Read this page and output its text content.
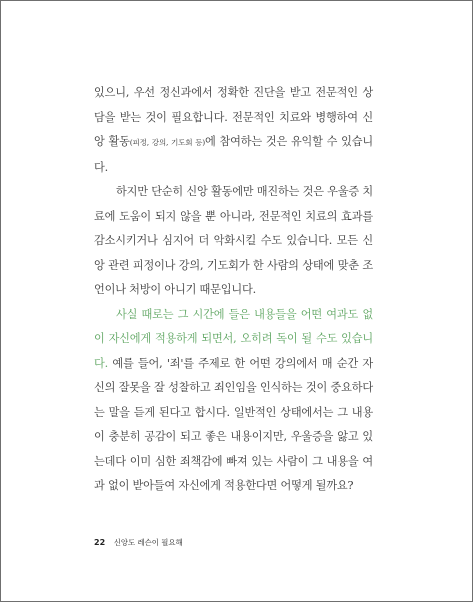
있으니, 우선 정신과에서 정확한 진단을 받고 전문적인 상담을 받는 것이 필요합니다. 전문적인 치료와 병행하여 신앙 활동(피정, 강의, 기도회 등)에 참여하는 것은 유익할 수 있습니다.

하지만 단순히 신앙 활동에만 매진하는 것은 우울증 치료에 도움이 되지 않을 뿐 아니라, 전문적인 치료의 효과를 감소시키거나 심지어 더 악화시킬 수도 있습니다. 모든 신앙 관련 피정이나 강의, 기도회가 한 사람의 상태에 맞춘 조언이나 처방이 아니기 때문입니다.

사실 때로는 그 시간에 들은 내용들을 어떤 여과도 없이 자신에게 적용하게 되면서, 오히려 독이 될 수도 있습니다. 예를 들어, '죄'를 주제로 한 어떤 강의에서 매 순간 자신의 잘못을 잘 성찰하고 죄인임을 인식하는 것이 중요하다는 말을 듣게 된다고 합시다. 일반적인 상태에서는 그 내용이 충분히 공감이 되고 좋은 내용이지만, 우울증을 앓고 있는데다 이미 심한 죄책감에 빠져 있는 사람이 그 내용을 여과 없이 받아들여 자신에게 적용한다면 어떻게 될까요?

22 신앙도 레슨이 필요해
